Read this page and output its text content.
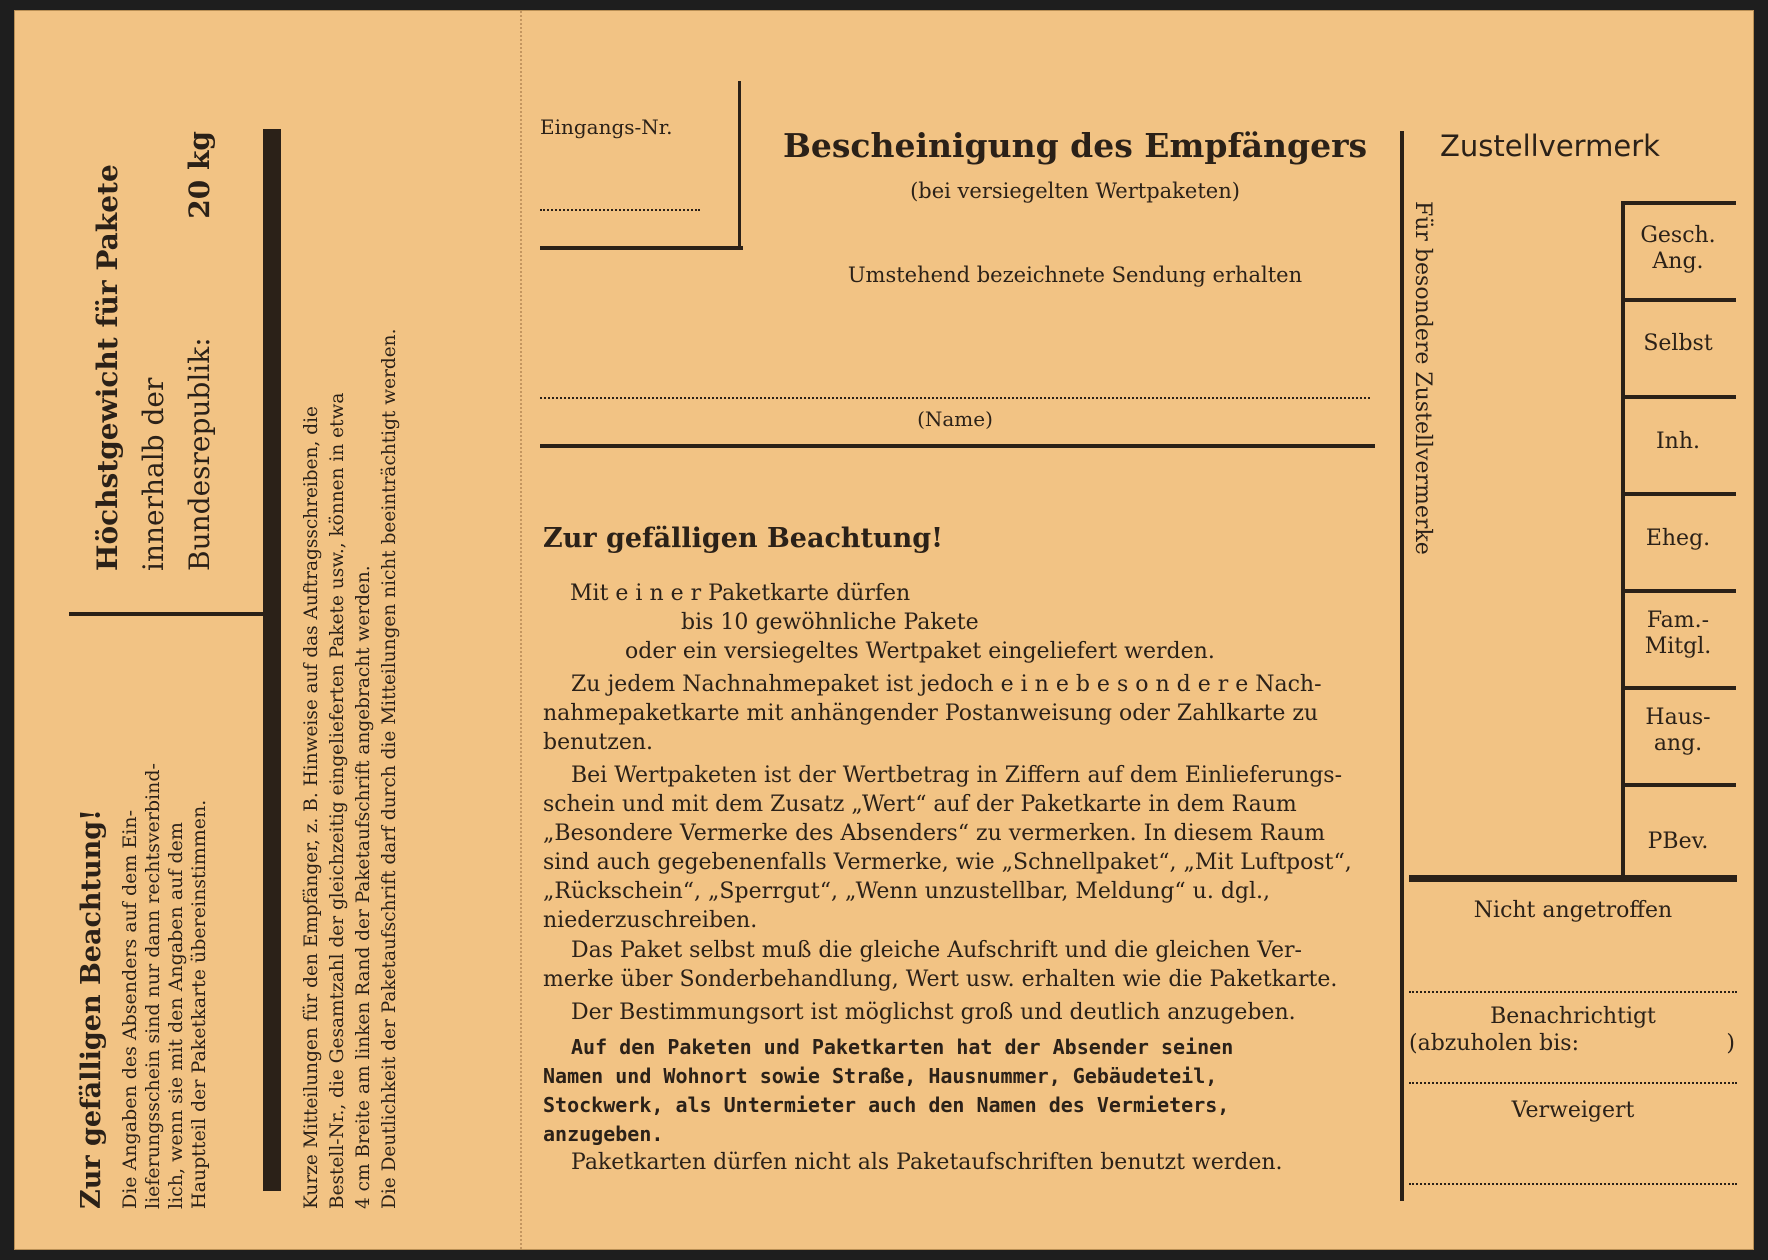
Höchstgewicht für Pakete innerhalb der Bundesrepublik:
20 kg
Zur gefälligen Beachtung! Die Angaben des Absenders auf dem Ein- lieferungsschein sind nur dann rechtsverbind- lich, wenn sie mit den Angaben auf dem Hauptteil der Paketkarte übereinstimmen.	Kurze Mitteilungen für den Empfänger, z. B. Hinweise auf das Auftragsschreiben, die Bestell-Nr., die Gesamtzahl der gleichzeitig eingelieferten Pakete usw., können in etwa 4 cm Breite am linken Rand der Paketaufschrift angebracht werden. Die Deutlichkeit der Paketaufschrift darf durch die Mitteilungen nicht beeinträchtigt werden.
Eingangs-Nr.	Bescheinigung des Empfängers
(bei versiegelten Wertpaketen)
Umstehend bezeichnete Sendung erhalten
(Name)
Zur gefälligen Beachtung!
Mit e i n e r Paketkarte dürfen
bis 10 gewöhnliche Pakete
oder ein versiegeltes Wertpaket eingeliefert werden.
Zu jedem Nachnahmepaket ist jedoch e i n e b e s o n d e r e Nach-
nahmepaketkarte mit anhängender Postanweisung oder Zahlkarte zu
benutzen.
Bei Wertpaketen ist der Wertbetrag in Ziffern auf dem Einlieferungs-
schein und mit dem Zusatz „Wert“ auf der Paketkarte in dem Raum
„Besondere Vermerke des Absenders“ zu vermerken. In diesem Raum
sind auch gegebenenfalls Vermerke, wie „Schnellpaket“, „Mit Luftpost“,
„Rückschein“, „Sperrgut“, „Wenn unzustellbar, Meldung“ u. dgl.,
niederzuschreiben.
Das Paket selbst muß die gleiche Aufschrift und die gleichen Ver-
merke über Sonderbehandlung, Wert usw. erhalten wie die Paketkarte.
Der Bestimmungsort ist möglichst groß und deutlich anzugeben.
Auf den Paketen und Paketkarten hat der Absender seinen
Namen und Wohnort sowie Straße, Hausnummer, Gebäudeteil,
Stockwerk, als Untermieter auch den Namen des Vermieters,
anzugeben.
Paketkarten dürfen nicht als Paketaufschriften benutzt werden.
Zustellvermerk
Für besondere Zustellvermerke	Gesch.
Ang.
Selbst
Inh.
Eheg.
Fam.-
Mitgl.
Haus-
ang.
PBev.
Nicht angetroffen
Benachrichtigt
(abzuholen bis:	)
Verweigert
